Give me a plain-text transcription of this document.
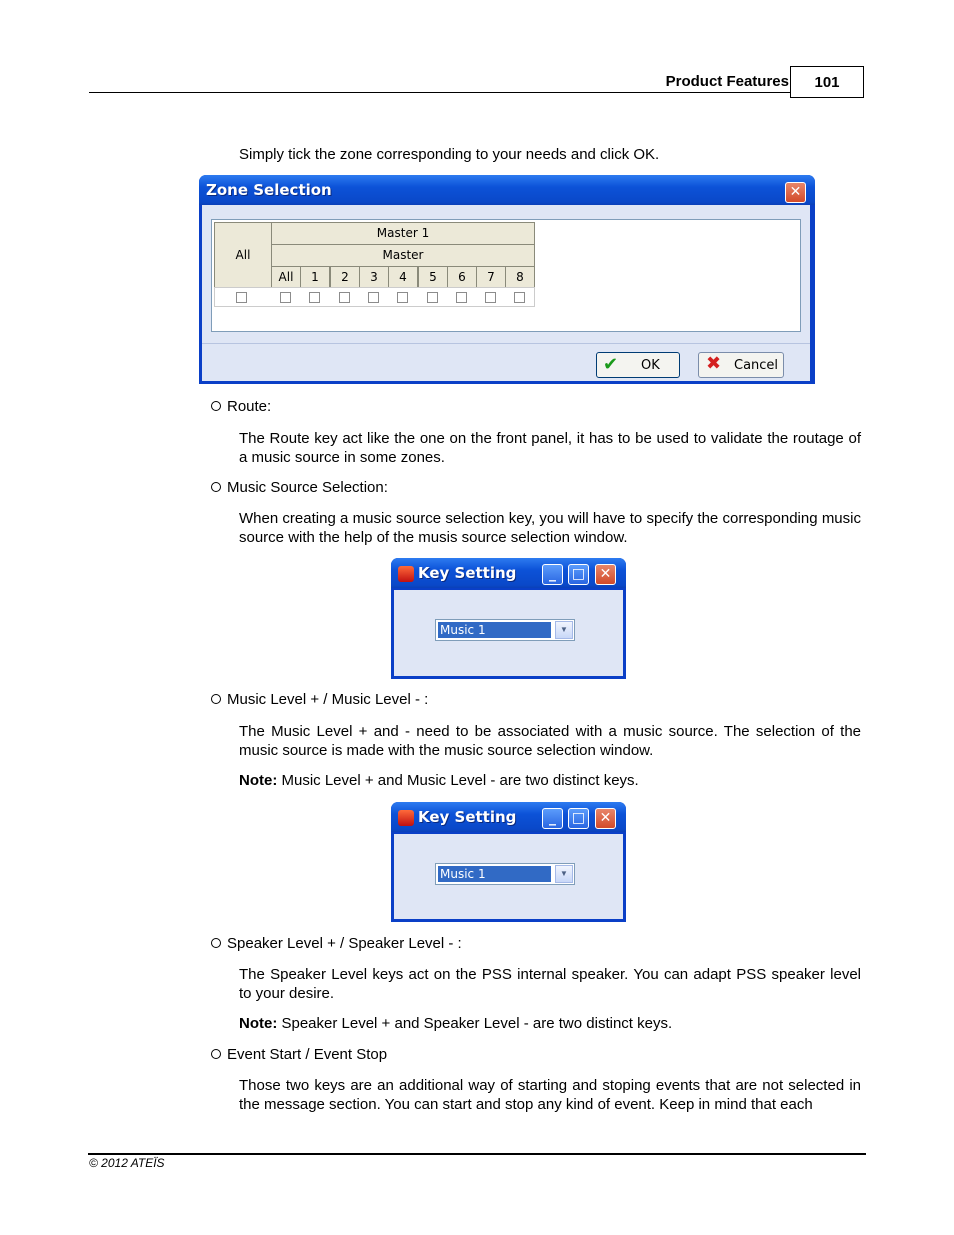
Product Features	101
Simply tick the zone corresponding to your needs and click OK.
Zone Selection	✕
All
Master 1
Master
All	1	2	3	4	5	6	7	8
✔ OK	✖ Cancel
Route:
The Route key act like the one on the front panel, it has to be used to validate the routage of a music source in some zones.
Music Source Selection:
When creating a music source selection key, you will have to specify the corresponding music source with the help of the musis source selection window.
Key Setting	_	□	✕
Music 1	▼
Music Level + / Music Level - :
The Music Level + and - need to be associated with a music source. The selection of the music source is made with the music source selection window.
Note: Music Level + and Music Level - are two distinct keys.
Key Setting	_	□	✕
Music 1	▼
Speaker Level + / Speaker Level - :
The Speaker Level keys act on the PSS internal speaker. You can adapt PSS speaker level to your desire.
Note: Speaker Level + and Speaker Level - are two distinct keys.
Event Start / Event Stop
Those two keys are an additional way of starting and stoping events that are not selected in the message section. You can start and stop any kind of event. Keep in mind that each
© 2012 ATEÏS
